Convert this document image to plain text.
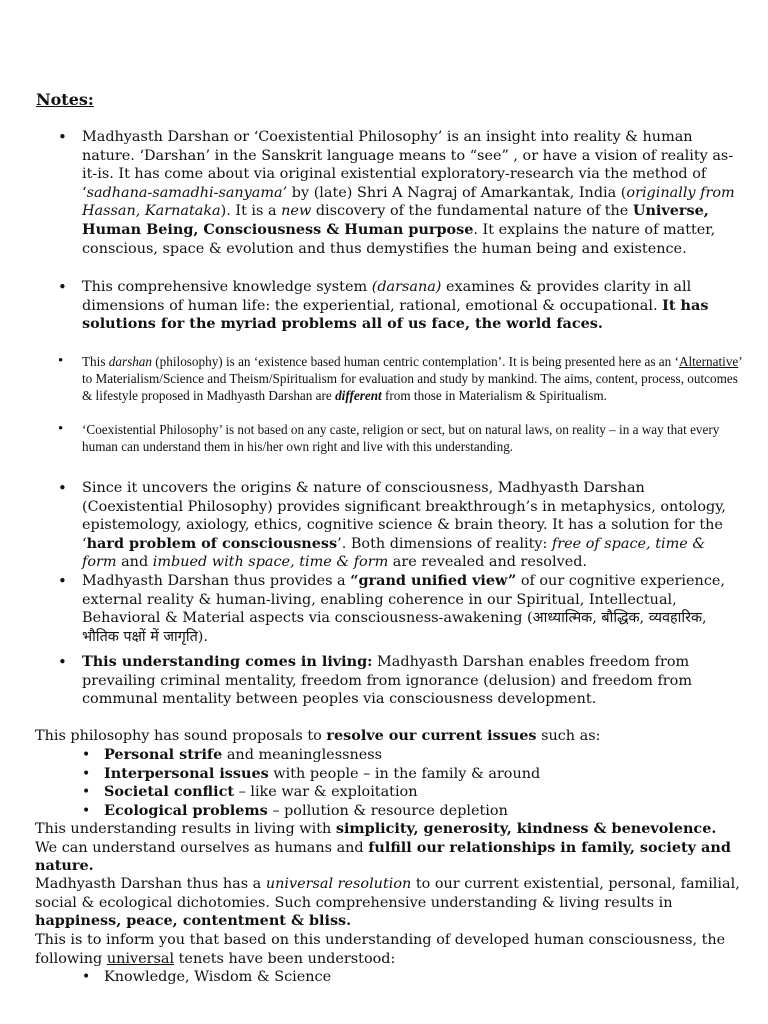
Notes:
• Madhyasth Darshan or ‘Coexistential Philosophy’ is an insight into reality & human nature. ‘Darshan’ in the Sanskrit language means to “see” , or have a vision of reality as-it-is. It has come about via original existential exploratory-research via the method of ‘sadhana-samadhi-sanyama’ by (late) Shri A Nagraj of Amarkantak, India (originally from Hassan, Karnataka). It is a new discovery of the fundamental nature of the Universe, Human Being, Consciousness & Human purpose. It explains the nature of matter, conscious, space & evolution and thus demystifies the human being and existence.
• This comprehensive knowledge system (darsana) examines & provides clarity in all dimensions of human life: the experiential, rational, emotional & occupational. It has solutions for the myriad problems all of us face, the world faces.
• This darshan (philosophy) is an ‘existence based human centric contemplation’. It is being presented here as an ‘Alternative’ to Materialism/Science and Theism/Spiritualism for evaluation and study by mankind. The aims, content, process, outcomes & lifestyle proposed in Madhyasth Darshan are different from those in Materialism & Spiritualism.
• ‘Coexistential Philosophy’ is not based on any caste, religion or sect, but on natural laws, on reality – in a way that every human can understand them in his/her own right and live with this understanding.
• Since it uncovers the origins & nature of consciousness, Madhyasth Darshan (Coexistential Philosophy) provides significant breakthrough’s in metaphysics, ontology, epistemology, axiology, ethics, cognitive science & brain theory. It has a solution for the ‘hard problem of consciousness’. Both dimensions of reality: free of space, time & form and imbued with space, time & form are revealed and resolved.
• Madhyasth Darshan thus provides a “grand unified view” of our cognitive experience, external reality & human-living, enabling coherence in our Spiritual, Intellectual, Behavioral & Material aspects via consciousness-awakening (आध्यात्मिक, बौद्धिक, व्यवहारिक, भौतिक पक्षों में जागृति).
• This understanding comes in living: Madhyasth Darshan enables freedom from prevailing criminal mentality, freedom from ignorance (delusion) and freedom from communal mentality between peoples via consciousness development.
This philosophy has sound proposals to resolve our current issues such as:
• Personal strife and meaninglessness
• Interpersonal issues with people – in the family & around
• Societal conflict – like war & exploitation
• Ecological problems – pollution & resource depletion
This understanding results in living with simplicity, generosity, kindness & benevolence. We can understand ourselves as humans and fulfill our relationships in family, society and nature.
Madhyasth Darshan thus has a universal resolution to our current existential, personal, familial, social & ecological dichotomies. Such comprehensive understanding & living results in happiness, peace, contentment & bliss.
This is to inform you that based on this understanding of developed human consciousness, the following universal tenets have been understood:
• Knowledge, Wisdom & Science
